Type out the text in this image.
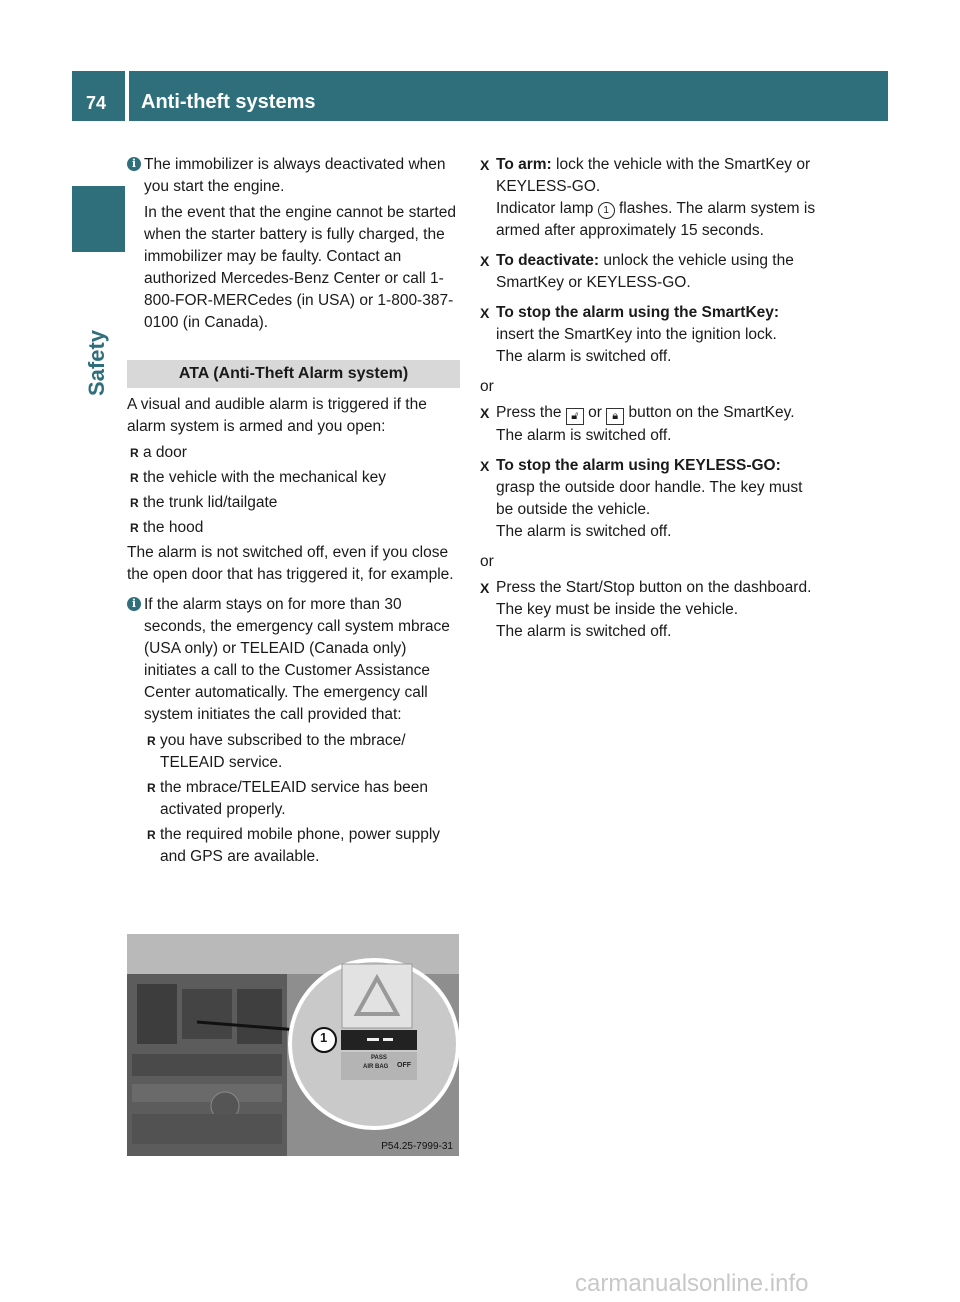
74 Anti-theft systems
Safety
i The immobilizer is always deactivated when you start the engine.

In the event that the engine cannot be started when the starter battery is fully charged, the immobilizer may be faulty. Contact an authorized Mercedes-Benz Center or call 1-800-FOR-MERCedes (in USA) or 1-800-387-0100 (in Canada).

ATA (Anti-Theft Alarm system)

A visual and audible alarm is triggered if the alarm system is armed and you open:

R a door
R the vehicle with the mechanical key
R the trunk lid/tailgate
R the hood

The alarm is not switched off, even if you close the open door that has triggered it, for example.

i If the alarm stays on for more than 30 seconds, the emergency call system mbrace (USA only) or TELEAID (Canada only) initiates a call to the Customer Assistance Center automatically. The emergency call system initiates the call provided that:

R you have subscribed to the mbrace/ TELEAID service.
R the mbrace/TELEAID service has been activated properly.
R the required mobile phone, power supply and GPS are available.
1
PASS
AIR BAG OFF
P54.25-7999-31
X To arm: lock the vehicle with the SmartKey or KEYLESS-GO.
Indicator lamp 1 flashes. The alarm system is armed after approximately 15 seconds.
X To deactivate: unlock the vehicle using the SmartKey or KEYLESS-GO.
X To stop the alarm using the SmartKey: insert the SmartKey into the ignition lock.
The alarm is switched off.

or

X Press the 🔓︎ or 🔒︎ button on the SmartKey.
The alarm is switched off.
X To stop the alarm using KEYLESS-GO: grasp the outside door handle. The key must be outside the vehicle.
The alarm is switched off.

or

X Press the Start/Stop button on the dashboard. The key must be inside the vehicle.
The alarm is switched off.
carmanualsonline.info
